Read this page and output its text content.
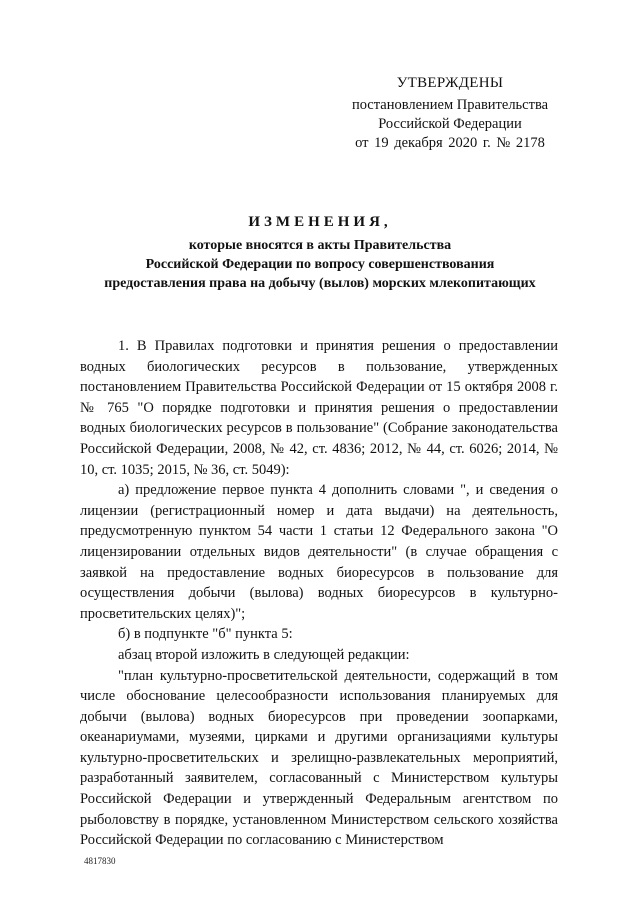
УТВЕРЖДЕНЫ
постановлением Правительства
Российской Федерации
от 19 декабря 2020 г. № 2178
ИЗМЕНЕНИЯ,
которые вносятся в акты Правительства
Российской Федерации по вопросу совершенствования
предоставления права на добычу (вылов) морских млекопитающих

1. В Правилах подготовки и принятия решения о предоставлении водных биологических ресурсов в пользование, утвержденных постановлением Правительства Российской Федерации от 15 октября 2008 г. № 765 "О порядке подготовки и принятия решения о предоставлении водных биологических ресурсов в пользование" (Собрание законодательства Российской Федерации, 2008, № 42, ст. 4836; 2012, № 44, ст. 6026; 2014, № 10, ст. 1035; 2015, № 36, ст. 5049):

а) предложение первое пункта 4 дополнить словами ", и сведения о лицензии (регистрационный номер и дата выдачи) на деятельность, предусмотренную пунктом 54 части 1 статьи 12 Федерального закона "О лицензировании отдельных видов деятельности" (в случае обращения с заявкой на предоставление водных биоресурсов в пользование для осуществления добычи (вылова) водных биоресурсов в культурно-просветительских целях)";

б) в подпункте "б" пункта 5:

абзац второй изложить в следующей редакции:

"план культурно-просветительской деятельности, содержащий в том числе обоснование целесообразности использования планируемых для добычи (вылова) водных биоресурсов при проведении зоопарками, океанариумами, музеями, цирками и другими организациями культуры культурно-просветительских и зрелищно-развлекательных мероприятий, разработанный заявителем, согласованный с Министерством культуры Российской Федерации и утвержденный Федеральным агентством по рыболовству в порядке, установленном Министерством сельского хозяйства Российской Федерации по согласованию с Министерством

4817830
